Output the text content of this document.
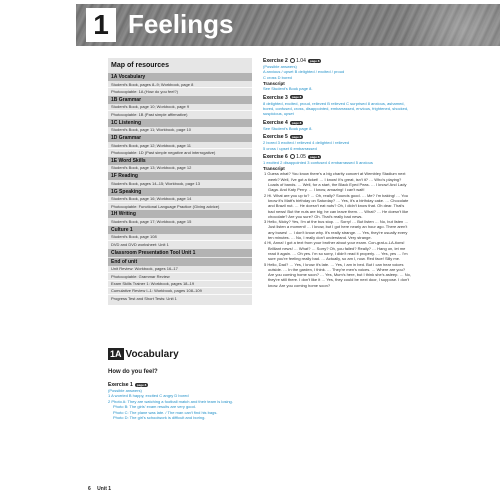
1 Feelings
Map of resources
1A Vocabulary
Student's Book, pages 8–9; Workbook, page 8
Photocopiable: 1A (How do you feel?)
1B Grammar
Student's Book, page 10; Workbook, page 9
Photocopiable: 1B (Past simple affirmative)
1C Listening
Student's Book, page 11; Workbook, page 10
1D Grammar
Student's Book, page 12; Workbook, page 11
Photocopiable: 1D (Past simple negative and interrogative)
1E Word Skills
Student's Book, page 13; Workbook, page 12
1F Reading
Student's Book, pages 14–15; Workbook, page 13
1G Speaking
Student's Book, page 16; Workbook, page 14
Photocopiable: Functional Language Practice (Giving advice)
1H Writing
Student's Book, page 17; Workbook, page 15
Culture 1
Student's Book, page 108
DVD and DVD worksheet: Unit 1
Classroom Presentation Tool Unit 1
End of unit
Unit Review: Workbook, pages 16–17
Photocopiable: Grammar Review
Exam Skills Trainer 1: Workbook, pages 18–19
Cumulative Review I–1: Workbook, pages 108–109
Progress Test and Short Tests: Unit 1
1A Vocabulary
How do you feel?
Exercise 1 page 8
(Possible answers)
1 A worried B happy, excited C angry D bored
2 Photo A: They are watching a football match and their team is losing.
Photo B: The girls' exam results are very good.
Photo C: The plane was late. / The man can't find his bags.
Photo D: The girl's schoolwork is difficult and boring.
Exercise 2 1.04 page 8
(Possible answers)
A anxious / upset B delighted / excited / proud
C cross D bored
Transcript
See Student's Book page 8.
Exercise 3 page 8
8 delighted, excited, proud, relieved B relieved C surprised 8 anxious, ashamed, bored, confused, cross, disappointed, embarrassed, envious, frightened, shocked, suspicious, upset
Exercise 4 page 8
See Student's Book page 8.
Exercise 5 page 8
2 bored 3 excited / relieved 4 delighted / relieved
5 cross / upset 6 embarrassed
Exercise 6 1.05 page 8
1 excited 2 disappointed 3 confused 4 embarrassed 5 anxious
Transcript
1 Guess what? You know there's a big charity concert at Wembley Stadium next week? Well, I've got a ticket! … I know! It's great, isn't it? … Who's playing? Loads of bands. … Well, for a start, the Black Eyed Peas. … I know! And Lady Gaga. And Katy Perry. … I know, amazing! I can't wait!
2 Hi. What are you up to? … Oh, really? Sounds good. … Me? I'm baking! … You know it's Matt's birthday on Saturday? … Yes, it's a birthday cake. … Chocolate and Brazil nut. … He doesn't eat nuts? Oh, I didn't know that. Oh dear. That's bad news! But the nuts are big; he can leave them. … What? … He doesn't like chocolate? Are you sure? Oh. That's really bad news.
3 Hello, Nicky? Yes, I'm at the bus stop. … Sorry! … But listen … No, but listen … Just listen a moment! … I know, but I got here nearly an hour ago. There aren't any buses! … I don't know why. It's really strange. … Yes, they're usually every ten minutes. … No, I really don't understand. Very strange.
4 Hi, Anna! I got a text from your brother about your exam. Con-grat-u-LA-tions! Brilliant news! … What? … Sorry? Oh, you failed? Really? … Hang on, let me read it again. … Oh yes. I'm so sorry, I didn't read it properly. … Yes, yes … I'm sure you're feeling really bad. … Actually, so am I, now. Red face! Silly me.
5 Hello, Dad? … Yes, I know it's late. … Yes, I am in bed. But I can hear voices outside. … In the garden, I think. … They're men's voices. … Where are you? Are you coming home soon? … Yes, Mum's here, but I think she's asleep. … No, they're still there. I don't like it … Yes, they could be next door, I suppose. I don't know. Are you coming home soon?
6 Unit 1
